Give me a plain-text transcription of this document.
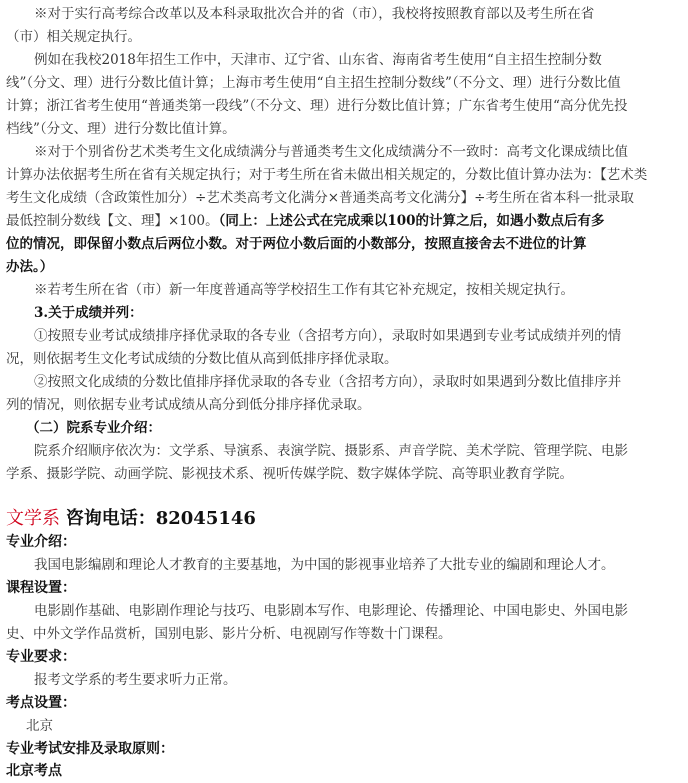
※对于实行高考综合改革以及本科录取批次合并的省（市），我校将按照教育部以及考生所在省
（市）相关规定执行。
例如在我校2018年招生工作中，天津市、辽宁省、山东省、海南省考生使用“自主招生控制分数
线”（分文、理）进行分数比值计算；上海市考生使用“自主招生控制分数线”（不分文、理）进行分数比值
计算；浙江省考生使用“普通类第一段线”（不分文、理）进行分数比值计算；广东省考生使用“高分优先投
档线”（分文、理）进行分数比值计算。
※对于个别省份艺术类考生文化成绩满分与普通类考生文化成绩满分不一致时：高考文化课成绩比值
计算办法依据考生所在省有关规定执行；对于考生所在省未做出相关规定的，分数比值计算办法为：【艺术类
考生文化成绩（含政策性加分）÷艺术类高考文化满分×普通类高考文化满分】÷考生所在省本科一批录取
最低控制分数线【文、理】×100。（同上：上述公式在完成乘以100的计算之后，如遇小数点后有多
位的情况，即保留小数点后两位小数。对于两位小数后面的小数部分，按照直接舍去不进位的计算
办法。）
※若考生所在省（市）新一年度普通高等学校招生工作有其它补充规定，按相关规定执行。
3.关于成绩并列：
①按照专业考试成绩排序择优录取的各专业（含招考方向），录取时如果遇到专业考试成绩并列的情
况，则依据考生文化考试成绩的分数比值从高到低排序择优录取。
②按照文化成绩的分数比值排序择优录取的各专业（含招考方向），录取时如果遇到分数比值排序并
列的情况，则依据专业考试成绩从高分到低分排序择优录取。
（二）院系专业介绍：
院系介绍顺序依次为：文学系、导演系、表演学院、摄影系、声音学院、美术学院、管理学院、电影
学系、摄影学院、动画学院、影视技术系、视听传媒学院、数字媒体学院、高等职业教育学院。
文学系 咨询电话：82045146
专业介绍：
我国电影编剧和理论人才教育的主要基地，为中国的影视事业培养了大批专业的编剧和理论人才。
课程设置：
电影剧作基础、电影剧作理论与技巧、电影剧本写作、电影理论、传播理论、中国电影史、外国电影
史、中外文学作品赏析，国别电影、影片分析、电视剧写作等数十门课程。
专业要求：
报考文学系的考生要求听力正常。
考点设置：
北京
专业考试安排及录取原则：
北京考点
